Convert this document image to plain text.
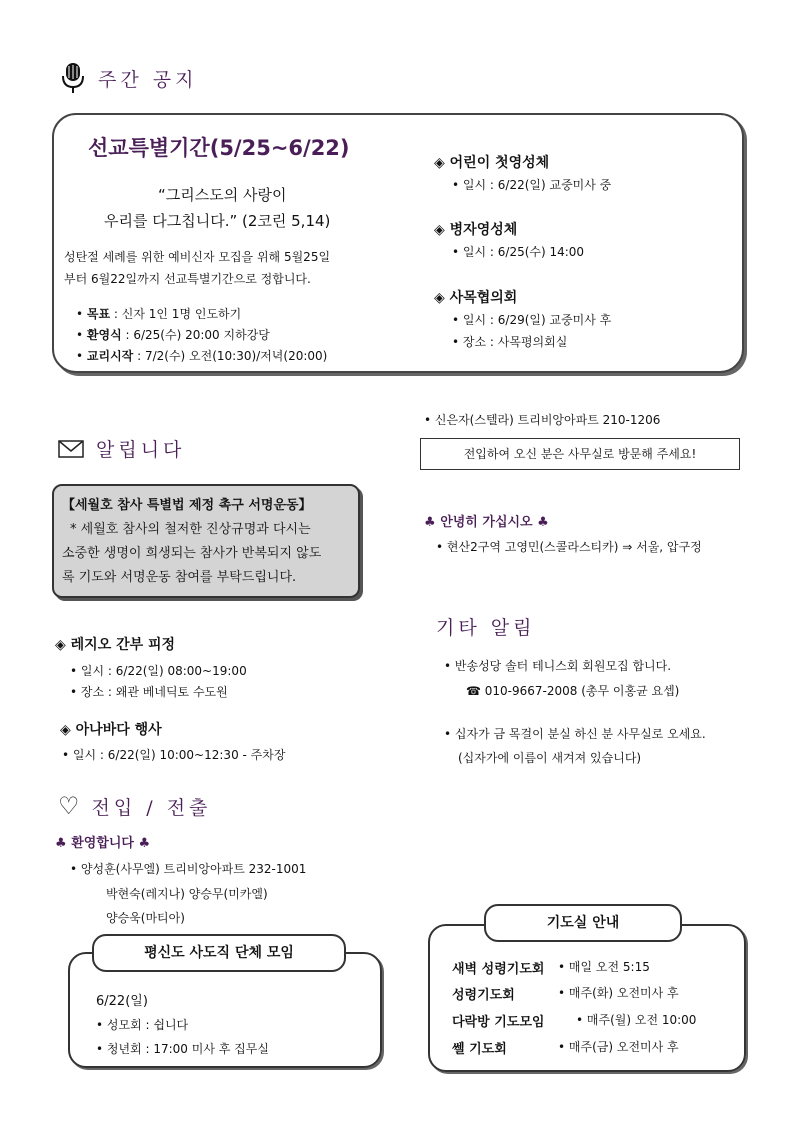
주간 공지
선교특별기간(5/25~6/22)
“그리스도의 사랑이
우리를 다그칩니다.” (2코린 5,14)
성탄절 세례를 위한 예비신자 모집을 위해 5월25일
부터 6월22일까지 선교특별기간으로 정합니다.
• 목표 : 신자 1인 1명 인도하기
• 환영식 : 6/25(수) 20:00 지하강당
• 교리시작 : 7/2(수) 오전(10:30)/저녁(20:00)
◈ 어린이 첫영성체
• 일시 : 6/22(일) 교중미사 중
◈ 병자영성체
• 일시 : 6/25(수) 14:00
◈ 사목협의회
• 일시 : 6/29(일) 교중미사 후
• 장소 : 사목평의회실
알립니다
【세월호 참사 특별법 제정 촉구 서명운동】
* 세월호 참사의 철저한 진상규명과 다시는
소중한 생명이 희생되는 참사가 반복되지 않도
록 기도와 서명운동 참여를 부탁드립니다.
◈ 레지오 간부 피정
• 일시 : 6/22(일) 08:00~19:00
• 장소 : 왜관 베네딕토 수도원
◈ 아나바다 행사
• 일시 : 6/22(일) 10:00~12:30 - 주차장
♡ 전입 / 전출
♣ 환영합니다 ♣
• 양성훈(사무엘) 트리비앙아파트 232-1001
박현숙(레지나) 양승무(미카엘)
양승욱(마티아)
• 신은자(스텔라) 트리비앙아파트 210-1206
전입하여 오신 분은 사무실로 방문해 주세요!
♣ 안녕히 가십시오 ♣
• 현산2구역 고영민(스콜라스티카) ⇒ 서울, 압구정
기타 알림
• 반송성당 솔터 테니스회 회원모집 합니다.
☎ 010-9667-2008 (총무 이홍균 요셉)
• 십자가 금 목걸이 분실 하신 분 사무실로 오세요.
(십자가에 이름이 새겨져 있습니다)
평신도 사도직 단체 모임
6/22(일)
• 성모회 : 쉽니다
• 청년회 : 17:00 미사 후 집무실
기도실 안내
새벽 성령기도회	• 매일 오전 5:15
성령기도회	• 매주(화) 오전미사 후
다락방 기도모임	• 매주(월) 오전 10:00
쎌 기도회	• 매주(금) 오전미사 후
